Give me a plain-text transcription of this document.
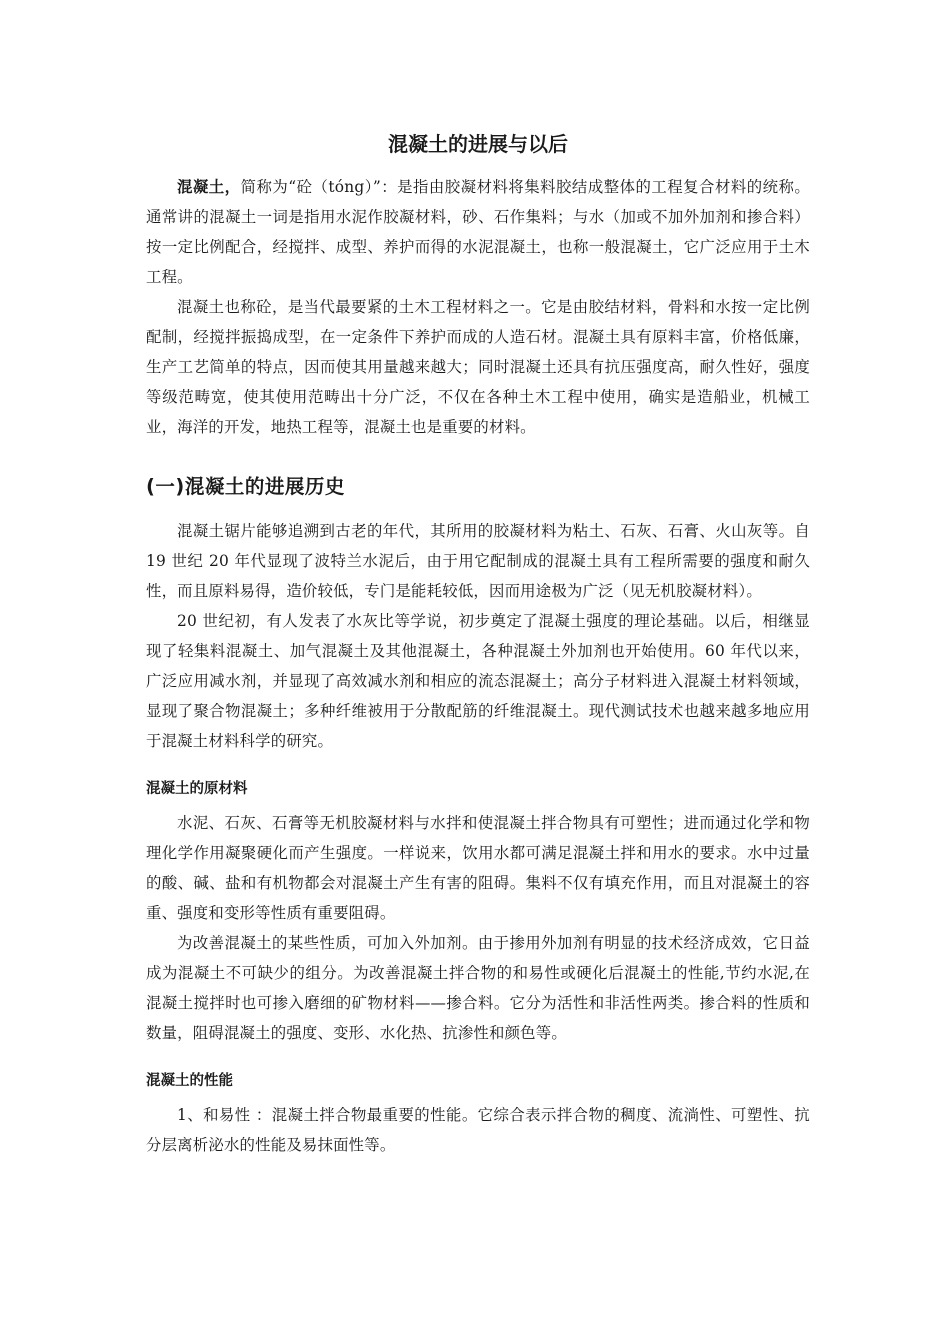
混凝土的进展与以后

混凝土，简称为“砼（tóng）”：是指由胶凝材料将集料胶结成整体的工程复合材料的统称。通常讲的混凝土一词是指用水泥作胶凝材料，砂、石作集料；与水（加或不加外加剂和掺合料）按一定比例配合，经搅拌、成型、养护而得的水泥混凝土，也称一般混凝土，它广泛应用于土木工程。

混凝土也称砼，是当代最要紧的土木工程材料之一。它是由胶结材料，骨料和水按一定比例配制，经搅拌振捣成型，在一定条件下养护而成的人造石材。混凝土具有原料丰富，价格低廉，生产工艺简单的特点，因而使其用量越来越大；同时混凝土还具有抗压强度高，耐久性好，强度等级范畴宽，使其使用范畴出十分广泛，不仅在各种土木工程中使用，确实是造船业，机械工业，海洋的开发，地热工程等，混凝土也是重要的材料。

(一)混凝土的进展历史

混凝土锯片能够追溯到古老的年代，其所用的胶凝材料为粘土、石灰、石膏、火山灰等。自 19 世纪 20 年代显现了波特兰水泥后，由于用它配制成的混凝土具有工程所需要的强度和耐久性，而且原料易得，造价较低，专门是能耗较低，因而用途极为广泛（见无机胶凝材料）。

20 世纪初，有人发表了水灰比等学说，初步奠定了混凝土强度的理论基础。以后，相继显现了轻集料混凝土、加气混凝土及其他混凝土，各种混凝土外加剂也开始使用。60 年代以来，广泛应用减水剂，并显现了高效减水剂和相应的流态混凝土；高分子材料进入混凝土材料领域，显现了聚合物混凝土；多种纤维被用于分散配筋的纤维混凝土。现代测试技术也越来越多地应用于混凝土材料科学的研究。

混凝土的原材料

水泥、石灰、石膏等无机胶凝材料与水拌和使混凝土拌合物具有可塑性；进而通过化学和物理化学作用凝聚硬化而产生强度。一样说来，饮用水都可满足混凝土拌和用水的要求。水中过量的酸、碱、盐和有机物都会对混凝土产生有害的阻碍。集料不仅有填充作用，而且对混凝土的容重、强度和变形等性质有重要阻碍。

为改善混凝土的某些性质，可加入外加剂。由于掺用外加剂有明显的技术经济成效，它日益成为混凝土不可缺少的组分。为改善混凝土拌合物的和易性或硬化后混凝土的性能,节约水泥,在混凝土搅拌时也可掺入磨细的矿物材料——掺合料。它分为活性和非活性两类。掺合料的性质和数量，阻碍混凝土的强度、变形、水化热、抗渗性和颜色等。

混凝土的性能

1、和易性 ：混凝土拌合物最重要的性能。它综合表示拌合物的稠度、流淌性、可塑性、抗分层离析泌水的性能及易抹面性等。
